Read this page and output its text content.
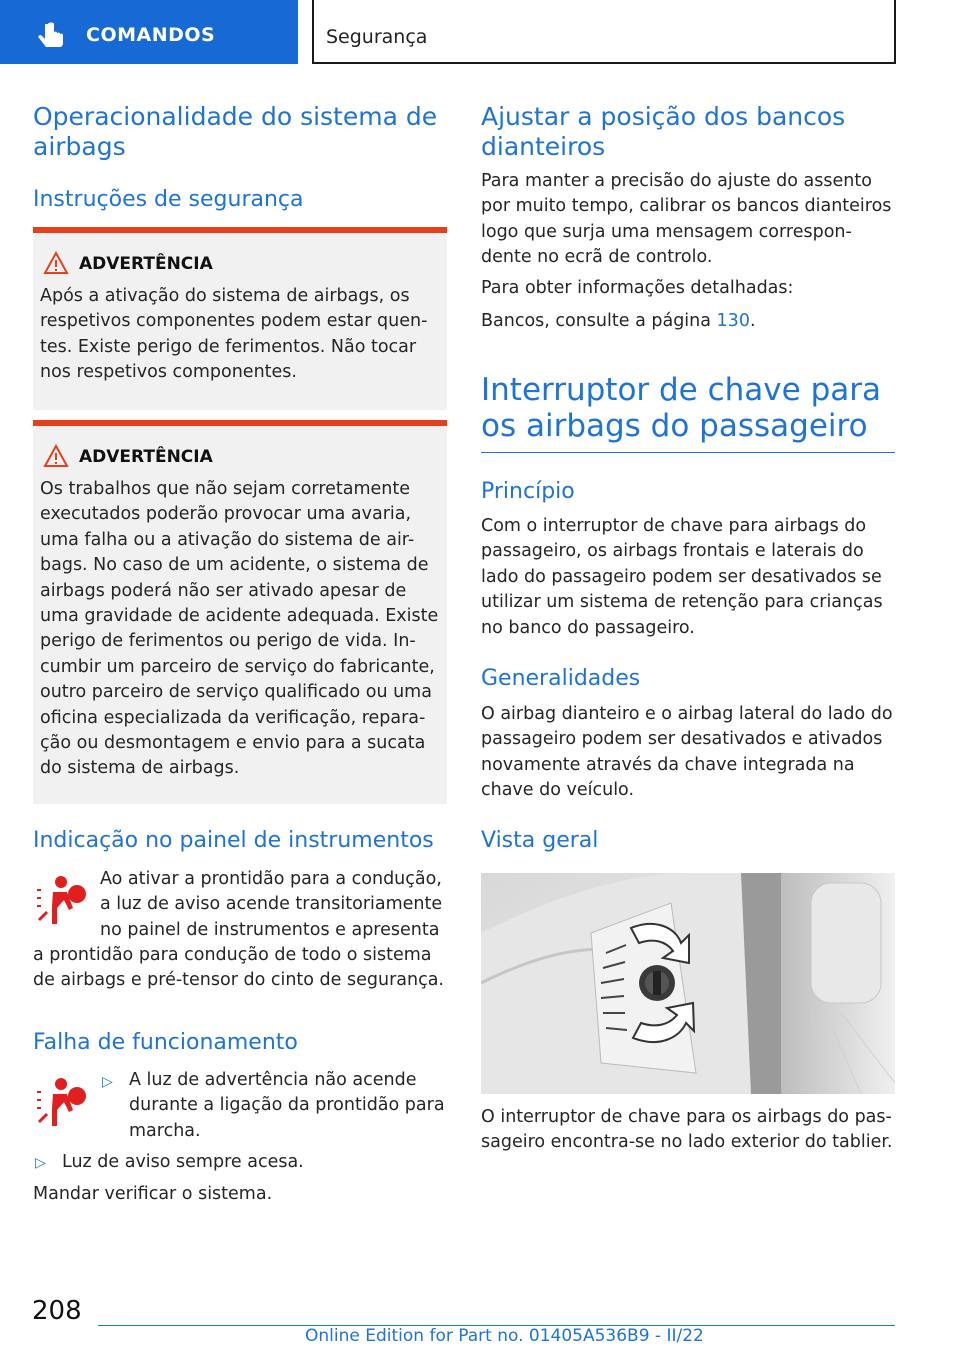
COMANDOS	Segurança
Operacionalidade do sistema de airbags
Instruções de segurança
ADVERTÊNCIA
Após a ativação do sistema de airbags, os respetivos componentes podem estar quen-tes. Existe perigo de ferimentos. Não tocar nos respetivos componentes.
ADVERTÊNCIA
Os trabalhos que não sejam corretamente executados poderão provocar uma avaria, uma falha ou a ativação do sistema de air-bags. No caso de um acidente, o sistema de airbags poderá não ser ativado apesar de uma gravidade de acidente adequada. Existe perigo de ferimentos ou perigo de vida. In-cumbir um parceiro de serviço do fabricante, outro parceiro de serviço qualificado ou uma oficina especializada da verificação, repara-ção ou desmontagem e envio para a sucata do sistema de airbags.
Indicação no painel de instrumentos
Ao ativar a prontidão para a condução,
a luz de aviso acende transitoriamente
no painel de instrumentos e apresenta
a prontidão para condução de todo o sistema
de airbags e pré-tensor do cinto de segurança.
Falha de funcionamento
▷ A luz de advertência não acende durante a ligação da prontidão para marcha.
▷ Luz de aviso sempre acesa.
Mandar verificar o sistema.
Ajustar a posição dos bancos dianteiros
Para manter a precisão do ajuste do assento por muito tempo, calibrar os bancos dianteiros logo que surja uma mensagem correspon-dente no ecrã de controlo.
Para obter informações detalhadas:
Bancos, consulte a página 130.
Interruptor de chave para os airbags do passageiro
Princípio
Com o interruptor de chave para airbags do passageiro, os airbags frontais e laterais do lado do passageiro podem ser desativados se utilizar um sistema de retenção para crianças no banco do passageiro.
Generalidades
O airbag dianteiro e o airbag lateral do lado do passageiro podem ser desativados e ativados novamente através da chave integrada na chave do veículo.
Vista geral
O interruptor de chave para os airbags do pas-sageiro encontra-se no lado exterior do tablier.
208
Online Edition for Part no. 01405A536B9 - II/22
